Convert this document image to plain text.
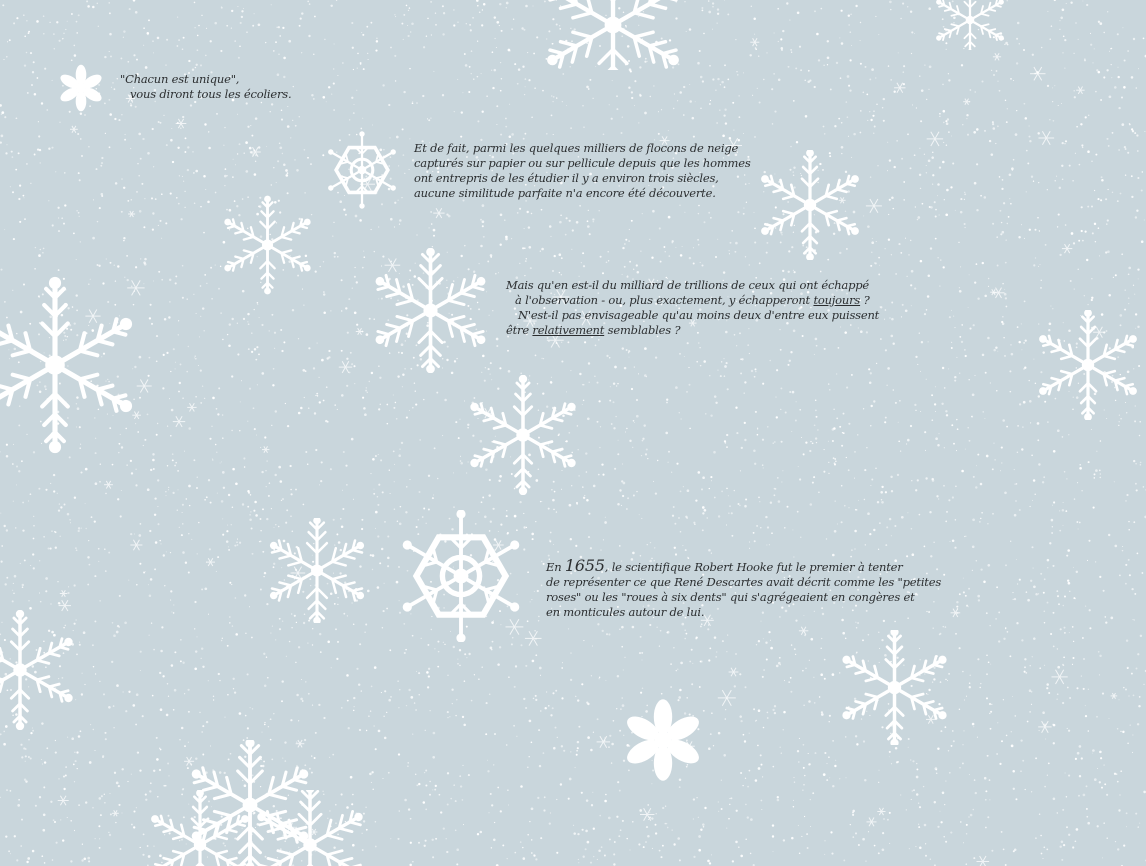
"Chacun est unique",
vous diront tous les écoliers.
Et de fait, parmi les quelques milliers de flocons de neige
capturés sur papier ou sur pellicule depuis que les hommes
ont entrepris de les étudier il y a environ trois siècles,
aucune similitude parfaite n'a encore été découverte.
Mais qu'en est-il du milliard de trillions de ceux qui ont échappé
à l'observation - ou, plus exactement, y échapperont toujours ?
N'est-il pas envisageable qu'au moins deux d'entre eux puissent
être relativement semblables ?
En 1655, le scientifique Robert Hooke fut le premier à tenter
de représenter ce que René Descartes avait décrit comme les "petites
roses" ou les "roues à six dents" qui s'agrégeaient en congères et
en monticules autour de lui.
